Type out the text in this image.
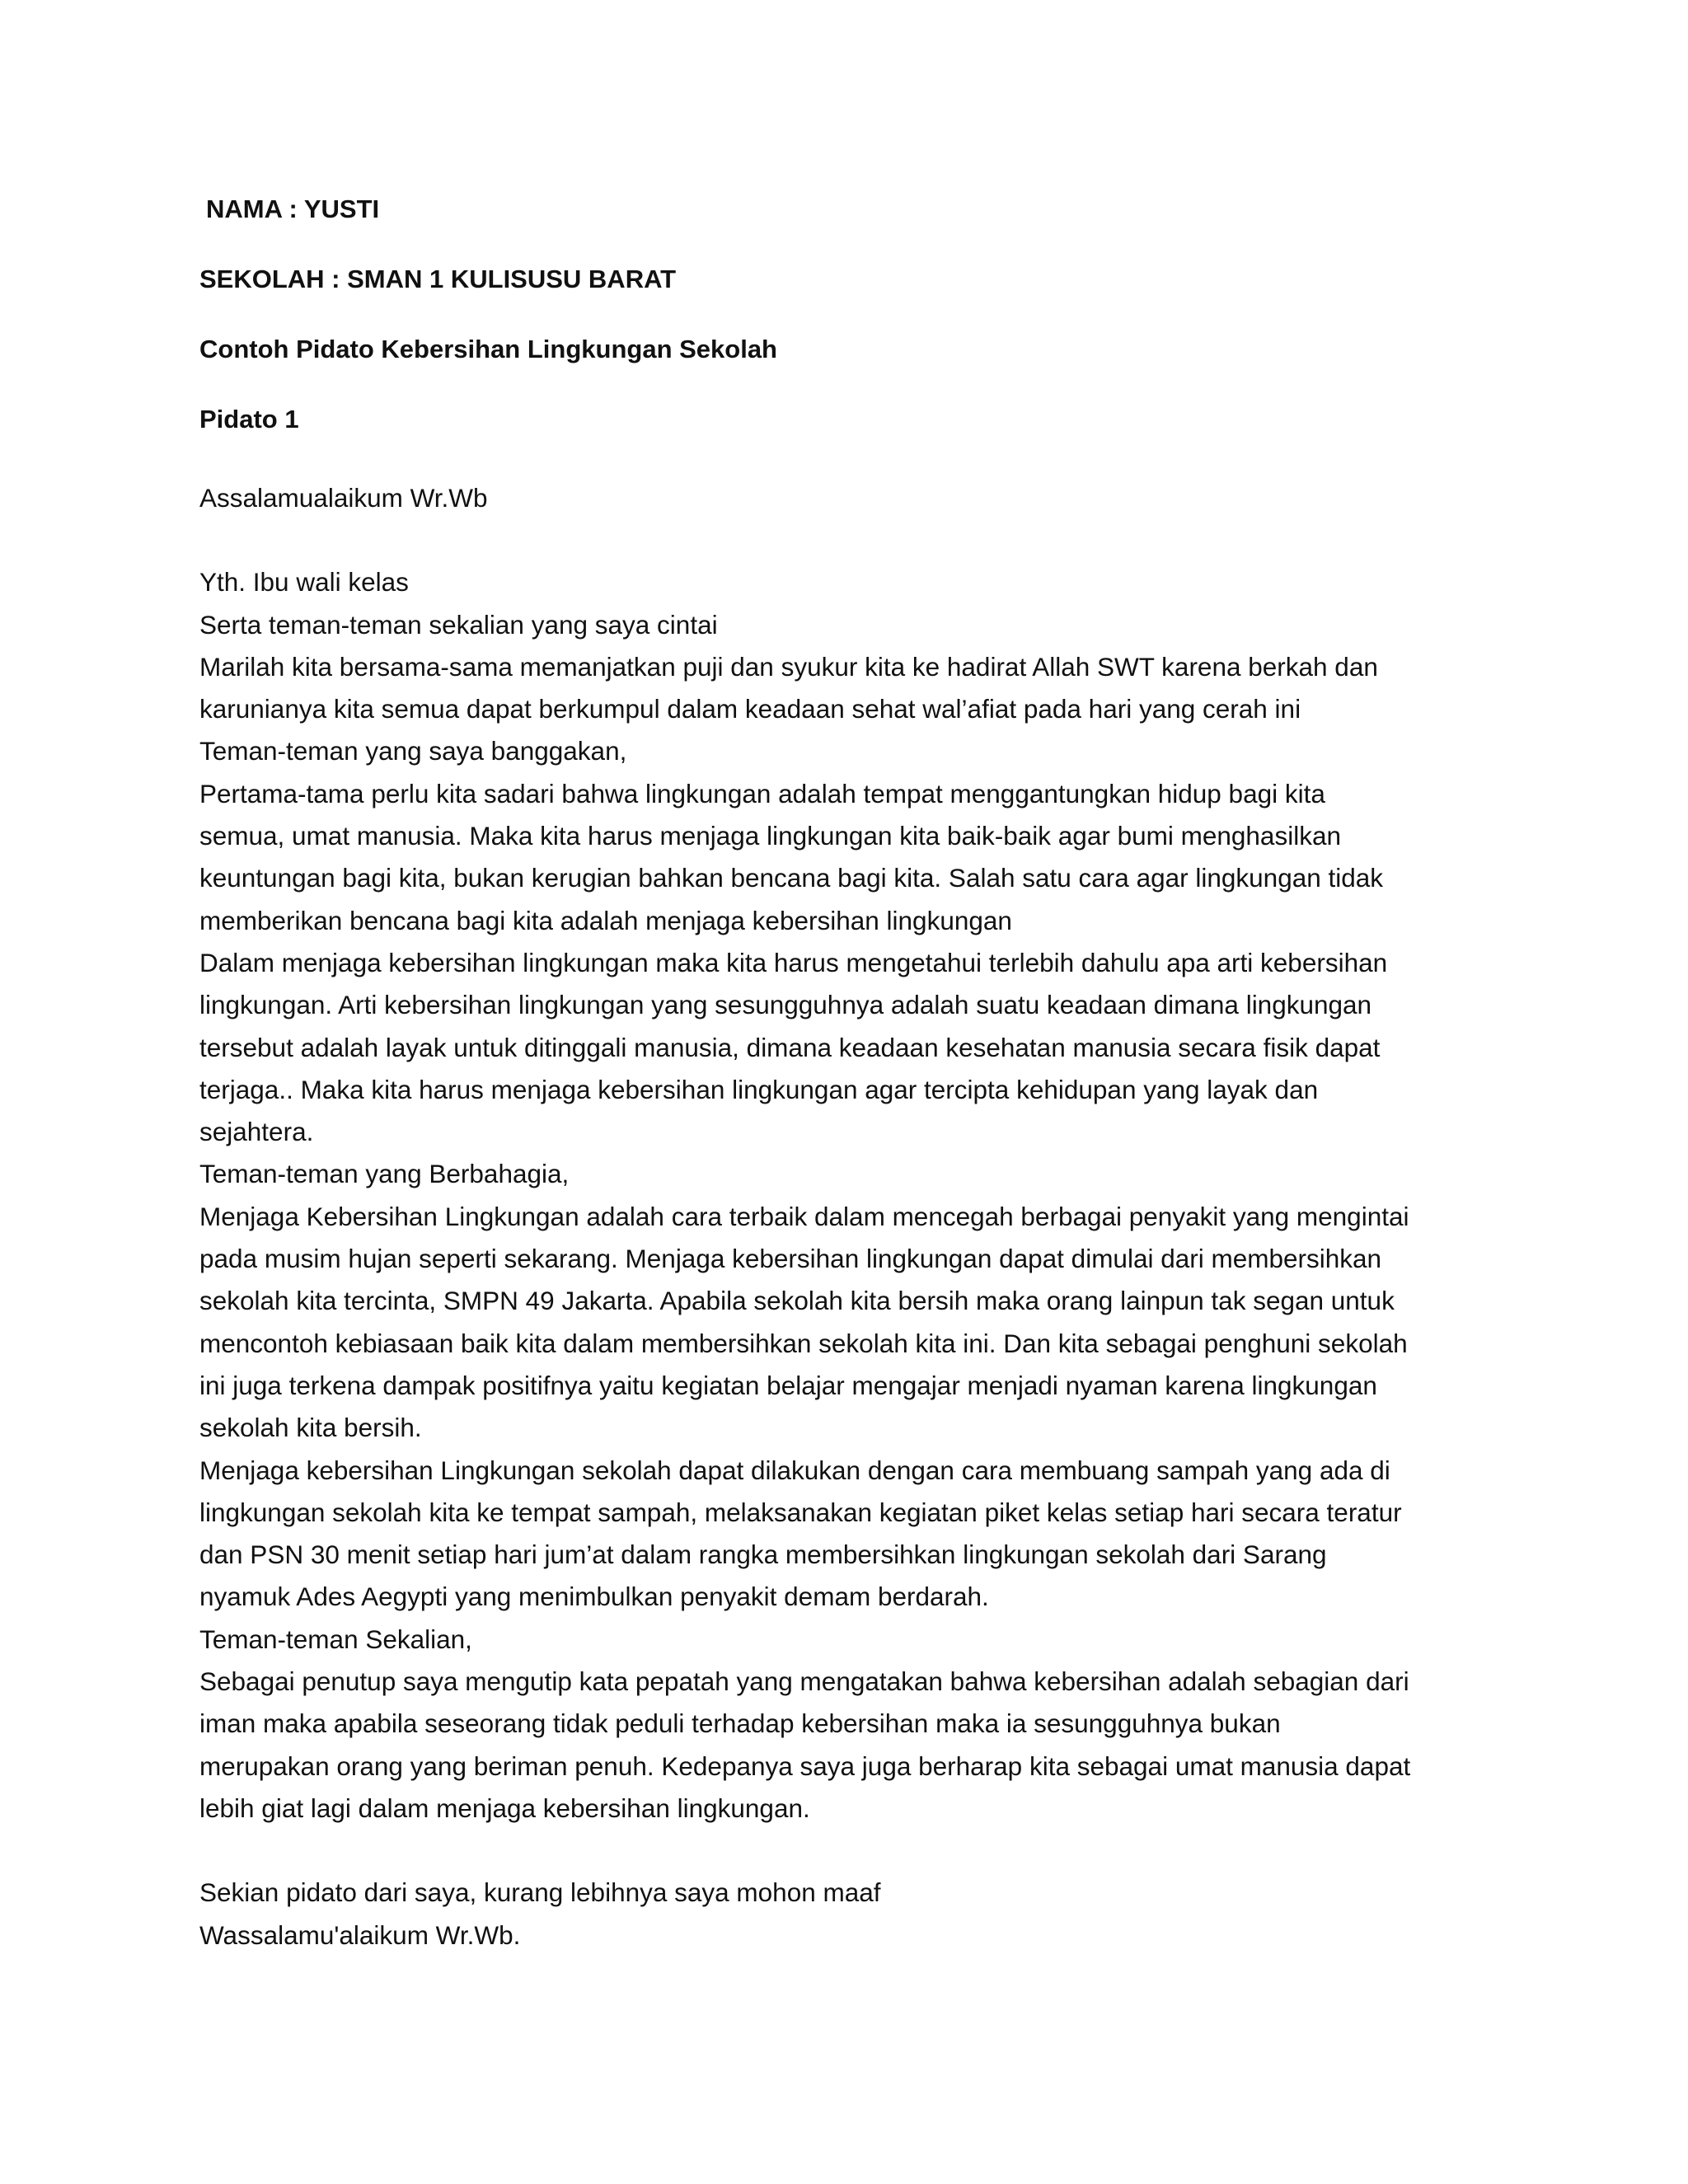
NAMA : YUSTI

SEKOLAH : SMAN 1 KULISUSU BARAT

Contoh Pidato Kebersihan Lingkungan Sekolah

Pidato 1

Assalamualaikum Wr.Wb

Yth. Ibu wali kelas

Serta teman-teman sekalian yang saya cintai

Marilah kita bersama-sama memanjatkan puji dan syukur kita ke hadirat Allah SWT karena berkah dan

karunianya kita semua dapat berkumpul dalam keadaan sehat wal’afiat pada hari yang cerah ini

Teman-teman yang saya banggakan,

Pertama-tama perlu kita sadari bahwa lingkungan adalah tempat menggantungkan hidup bagi kita

semua, umat manusia. Maka kita harus menjaga lingkungan kita baik-baik agar bumi menghasilkan

keuntungan bagi kita, bukan kerugian bahkan bencana bagi kita. Salah satu cara agar lingkungan tidak

memberikan bencana bagi kita adalah menjaga kebersihan lingkungan

Dalam menjaga kebersihan lingkungan maka kita harus mengetahui terlebih dahulu apa arti kebersihan

lingkungan. Arti kebersihan lingkungan yang sesungguhnya adalah suatu keadaan dimana lingkungan

tersebut adalah layak untuk ditinggali manusia, dimana keadaan kesehatan manusia secara fisik dapat

terjaga.. Maka kita harus menjaga kebersihan lingkungan agar tercipta kehidupan yang layak dan

sejahtera.

Teman-teman yang Berbahagia,

Menjaga Kebersihan Lingkungan adalah cara terbaik dalam mencegah berbagai penyakit yang mengintai

pada musim hujan seperti sekarang. Menjaga kebersihan lingkungan dapat dimulai dari membersihkan

sekolah kita tercinta, SMPN 49 Jakarta. Apabila sekolah kita bersih maka orang lainpun tak segan untuk

mencontoh kebiasaan baik kita dalam membersihkan sekolah kita ini. Dan kita sebagai penghuni sekolah

ini juga terkena dampak positifnya yaitu kegiatan belajar mengajar menjadi nyaman karena lingkungan

sekolah kita bersih.

Menjaga kebersihan Lingkungan sekolah dapat dilakukan dengan cara membuang sampah yang ada di

lingkungan sekolah kita ke tempat sampah, melaksanakan kegiatan piket kelas setiap hari secara teratur

dan PSN 30 menit setiap hari jum’at dalam rangka membersihkan lingkungan sekolah dari Sarang

nyamuk Ades Aegypti yang menimbulkan penyakit demam berdarah.

Teman-teman Sekalian,

Sebagai penutup saya mengutip kata pepatah yang mengatakan bahwa kebersihan adalah sebagian dari

iman maka apabila seseorang tidak peduli terhadap kebersihan maka ia sesungguhnya bukan

merupakan orang yang beriman penuh. Kedepanya saya juga berharap kita sebagai umat manusia dapat

lebih giat lagi dalam menjaga kebersihan lingkungan.

Sekian pidato dari saya, kurang lebihnya saya mohon maaf

Wassalamu'alaikum Wr.Wb.
